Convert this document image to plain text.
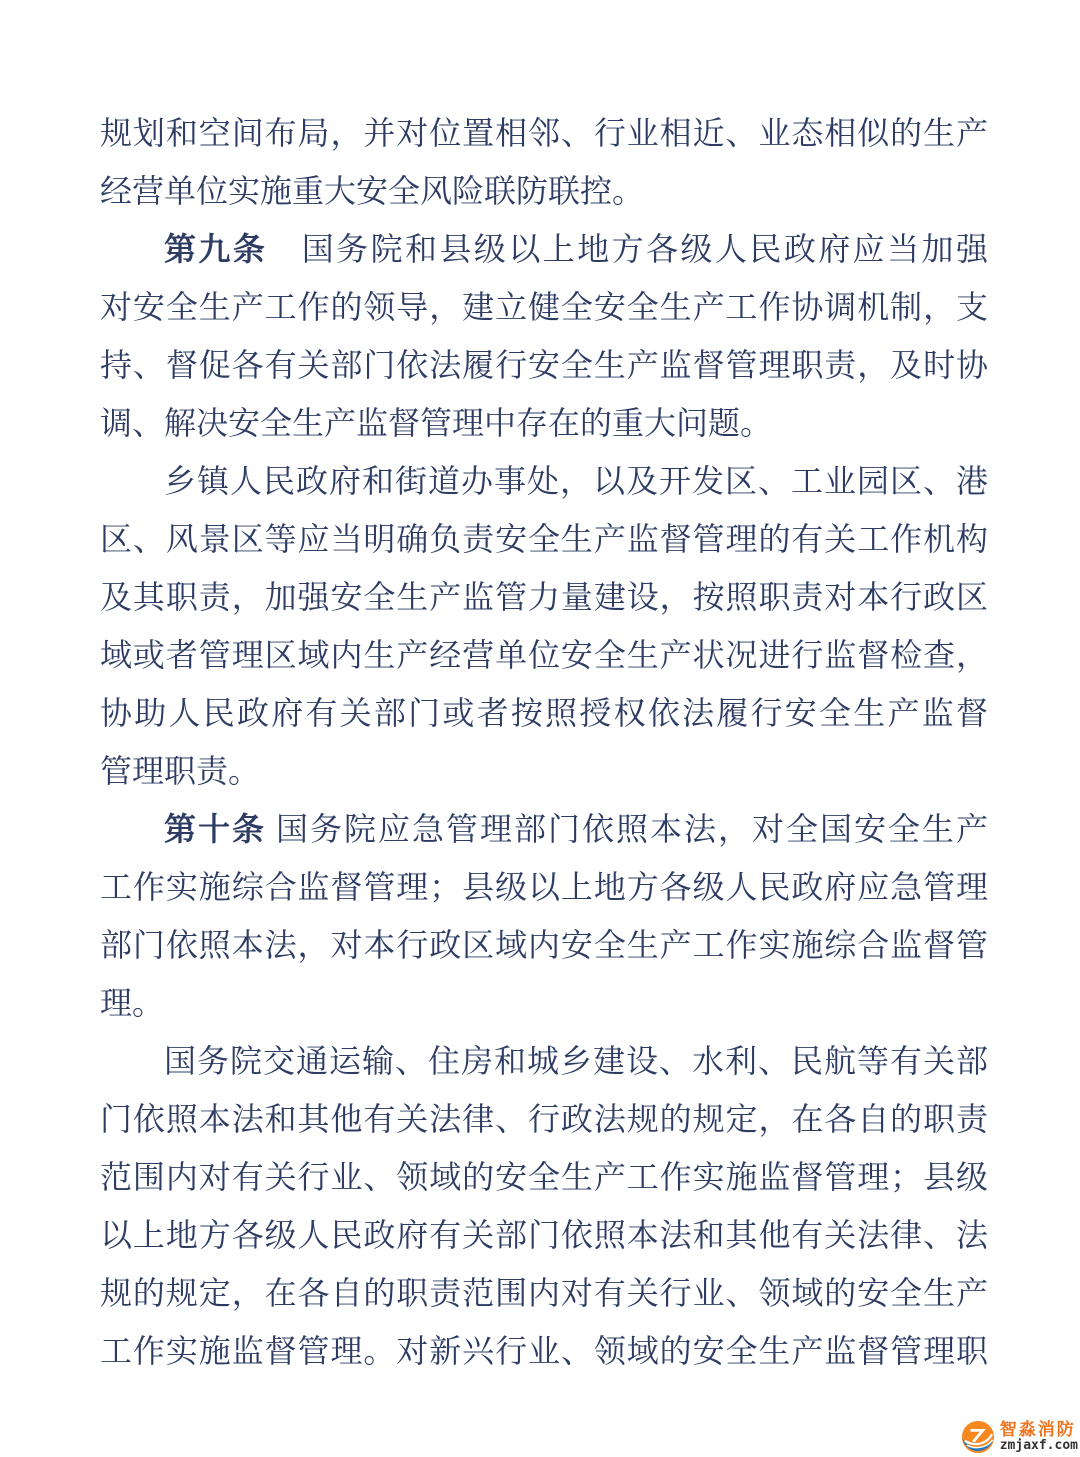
规划和空间布局，并对位置相邻、行业相近、业态相似的生产
经营单位实施重大安全风险联防联控。
第九条　国务院和县级以上地方各级人民政府应当加强
对安全生产工作的领导，建立健全安全生产工作协调机制，支
持、督促各有关部门依法履行安全生产监督管理职责，及时协
调、解决安全生产监督管理中存在的重大问题。
乡镇人民政府和街道办事处，以及开发区、工业园区、港
区、风景区等应当明确负责安全生产监督管理的有关工作机构
及其职责，加强安全生产监管力量建设，按照职责对本行政区
域或者管理区域内生产经营单位安全生产状况进行监督检查，
协助人民政府有关部门或者按照授权依法履行安全生产监督
管理职责。
第十条 国务院应急管理部门依照本法，对全国安全生产
工作实施综合监督管理；县级以上地方各级人民政府应急管理
部门依照本法，对本行政区域内安全生产工作实施综合监督管
理。
国务院交通运输、住房和城乡建设、水利、民航等有关部
门依照本法和其他有关法律、行政法规的规定，在各自的职责
范围内对有关行业、领域的安全生产工作实施监督管理；县级
以上地方各级人民政府有关部门依照本法和其他有关法律、法
规的规定，在各自的职责范围内对有关行业、领域的安全生产
工作实施监督管理。对新兴行业、领域的安全生产监督管理职
智淼消防
zmjaxf.com
